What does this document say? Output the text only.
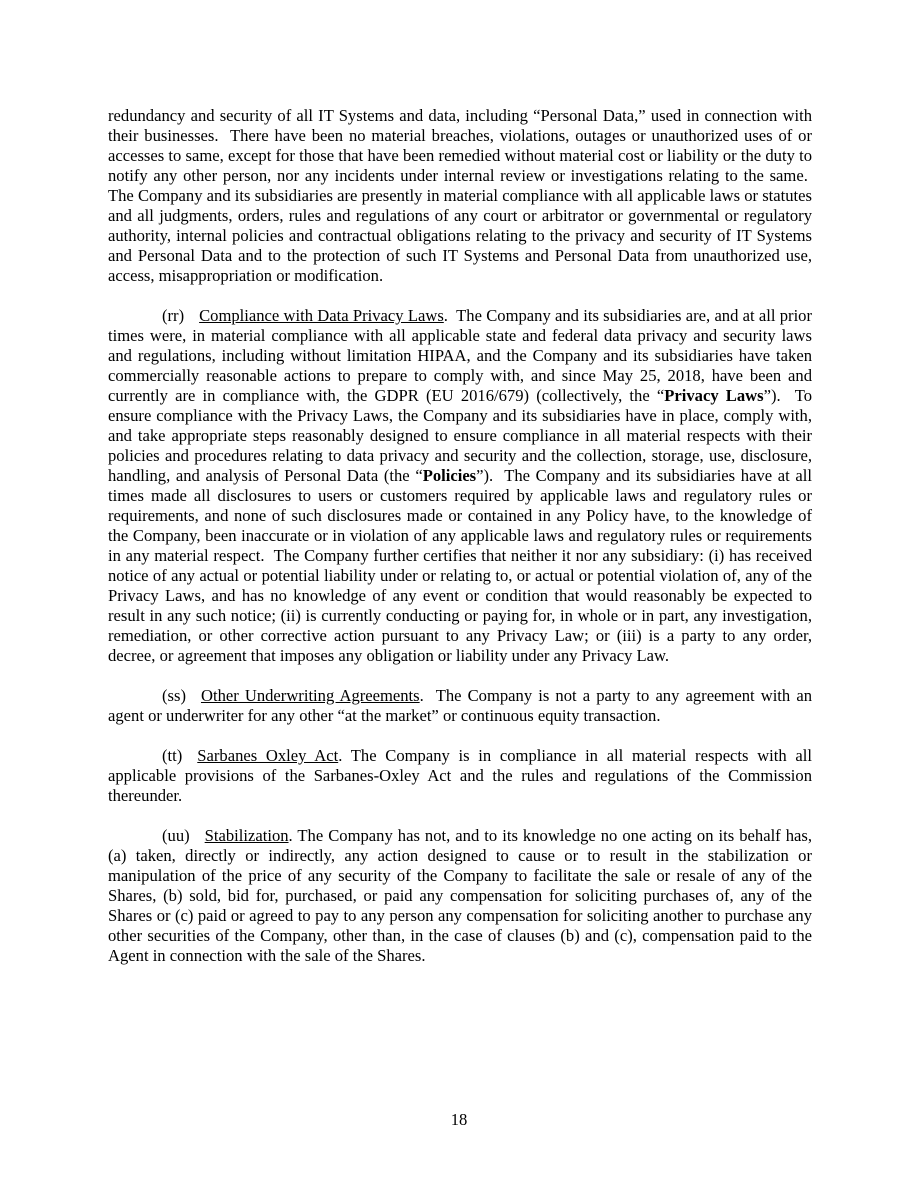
redundancy and security of all IT Systems and data, including “Personal Data,” used in connection with their businesses.  There have been no material breaches, violations, outages or unauthorized uses of or accesses to same, except for those that have been remedied without material cost or liability or the duty to notify any other person, nor any incidents under internal review or investigations relating to the same.  The Company and its subsidiaries are presently in material compliance with all applicable laws or statutes and all judgments, orders, rules and regulations of any court or arbitrator or governmental or regulatory authority, internal policies and contractual obligations relating to the privacy and security of IT Systems and Personal Data and to the protection of such IT Systems and Personal Data from unauthorized use, access, misappropriation or modification.

(rr) Compliance with Data Privacy Laws.  The Company and its subsidiaries are, and at all prior times were, in material compliance with all applicable state and federal data privacy and security laws and regulations, including without limitation HIPAA, and the Company and its subsidiaries have taken commercially reasonable actions to prepare to comply with, and since May 25, 2018, have been and currently are in compliance with, the GDPR (EU 2016/679) (collectively, the “Privacy Laws”).  To ensure compliance with the Privacy Laws, the Company and its subsidiaries have in place, comply with, and take appropriate steps reasonably designed to ensure compliance in all material respects with their policies and procedures relating to data privacy and security and the collection, storage, use, disclosure, handling, and analysis of Personal Data (the “Policies”).  The Company and its subsidiaries have at all times made all disclosures to users or customers required by applicable laws and regulatory rules or requirements, and none of such disclosures made or contained in any Policy have, to the knowledge of the Company, been inaccurate or in violation of any applicable laws and regulatory rules or requirements in any material respect.  The Company further certifies that neither it nor any subsidiary: (i) has received notice of any actual or potential liability under or relating to, or actual or potential violation of, any of the Privacy Laws, and has no knowledge of any event or condition that would reasonably be expected to result in any such notice; (ii) is currently conducting or paying for, in whole or in part, any investigation, remediation, or other corrective action pursuant to any Privacy Law; or (iii) is a party to any order, decree, or agreement that imposes any obligation or liability under any Privacy Law.

(ss) Other Underwriting Agreements.  The Company is not a party to any agreement with an agent or underwriter for any other “at the market” or continuous equity transaction.

(tt) Sarbanes Oxley Act. The Company is in compliance in all material respects with all applicable provisions of the Sarbanes-Oxley Act and the rules and regulations of the Commission thereunder.

(uu) Stabilization. The Company has not, and to its knowledge no one acting on its behalf has, (a) taken, directly or indirectly, any action designed to cause or to result in the stabilization or manipulation of the price of any security of the Company to facilitate the sale or resale of any of the Shares, (b) sold, bid for, purchased, or paid any compensation for soliciting purchases of, any of the Shares or (c) paid or agreed to pay to any person any compensation for soliciting another to purchase any other securities of the Company, other than, in the case of clauses (b) and (c), compensation paid to the Agent in connection with the sale of the Shares.

18
